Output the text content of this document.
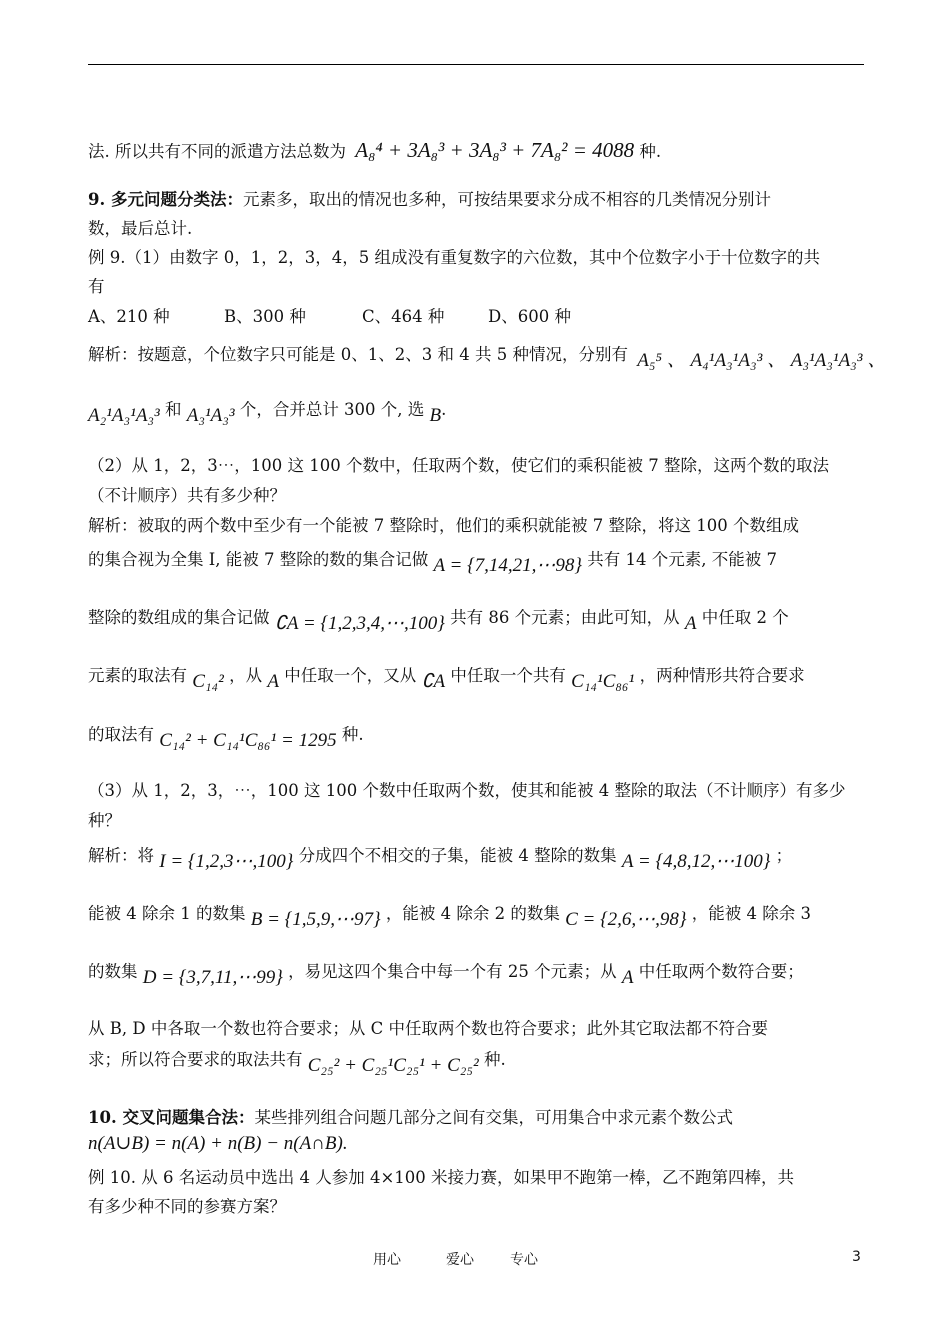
法. 所以共有不同的派遣方法总数为 A₈⁴ + 3A₈³ + 3A₈³ + 7A₈² = 4088 种.
9. 多元问题分类法：元素多，取出的情况也多种，可按结果要求分成不相容的几类情况分别计
数，最后总计.
例 9.（1）由数字 0，1，2，3，4，5 组成没有重复数字的六位数，其中个位数字小于十位数字的共
有
A、210 种	B、300 种	C、464 种	D、600 种
解析：按题意，个位数字只可能是 0、1、2、3 和 4 共 5 种情况，分别有 A₅⁵ 、 A₄¹A₃¹A₃³ 、 A₃¹A₃¹A₃³ 、
A₂¹A₃¹A₃³ 和 A₃¹A₃³ 个，合并总计 300 个, 选 B.
（2）从 1，2，3⋯，100 这 100 个数中，任取两个数，使它们的乘积能被 7 整除，这两个数的取法
（不计顺序）共有多少种？
解析：被取的两个数中至少有一个能被 7 整除时，他们的乘积就能被 7 整除，将这 100 个数组成
的集合视为全集 I, 能被 7 整除的数的集合记做 A = {7,14,21,⋯98} 共有 14 个元素, 不能被 7
整除的数组成的集合记做 ∁A = {1,2,3,4,⋯,100} 共有 86 个元素；由此可知，从 A 中任取 2 个
元素的取法有 C₁₄² ，从 A 中任取一个，又从 ∁A 中任取一个共有 C₁₄¹C₈₆¹ ，两种情形共符合要求
的取法有 C₁₄² + C₁₄¹C₈₆¹ = 1295 种.
（3）从 1，2，3，⋯，100 这 100 个数中任取两个数，使其和能被 4 整除的取法（不计顺序）有多少
种？
解析：将 I = {1,2,3⋯,100} 分成四个不相交的子集，能被 4 整除的数集 A = {4,8,12,⋯100} ；
能被 4 除余 1 的数集 B = {1,5,9,⋯97} ，能被 4 除余 2 的数集 C = {2,6,⋯,98} ，能被 4 除余 3
的数集 D = {3,7,11,⋯99} ，易见这四个集合中每一个有 25 个元素；从 A 中任取两个数符合要；
从 B, D 中各取一个数也符合要求；从 C 中任取两个数也符合要求；此外其它取法都不符合要
求；所以符合要求的取法共有 C₂₅² + C₂₅¹C₂₅¹ + C₂₅² 种.
10. 交叉问题集合法：某些排列组合问题几部分之间有交集，可用集合中求元素个数公式
n(A∪B) = n(A) + n(B) − n(A∩B).
例 10. 从 6 名运动员中选出 4 人参加 4×100 米接力赛，如果甲不跑第一棒，乙不跑第四棒，共
有多少种不同的参赛方案？
用心	爱心	专心	3
